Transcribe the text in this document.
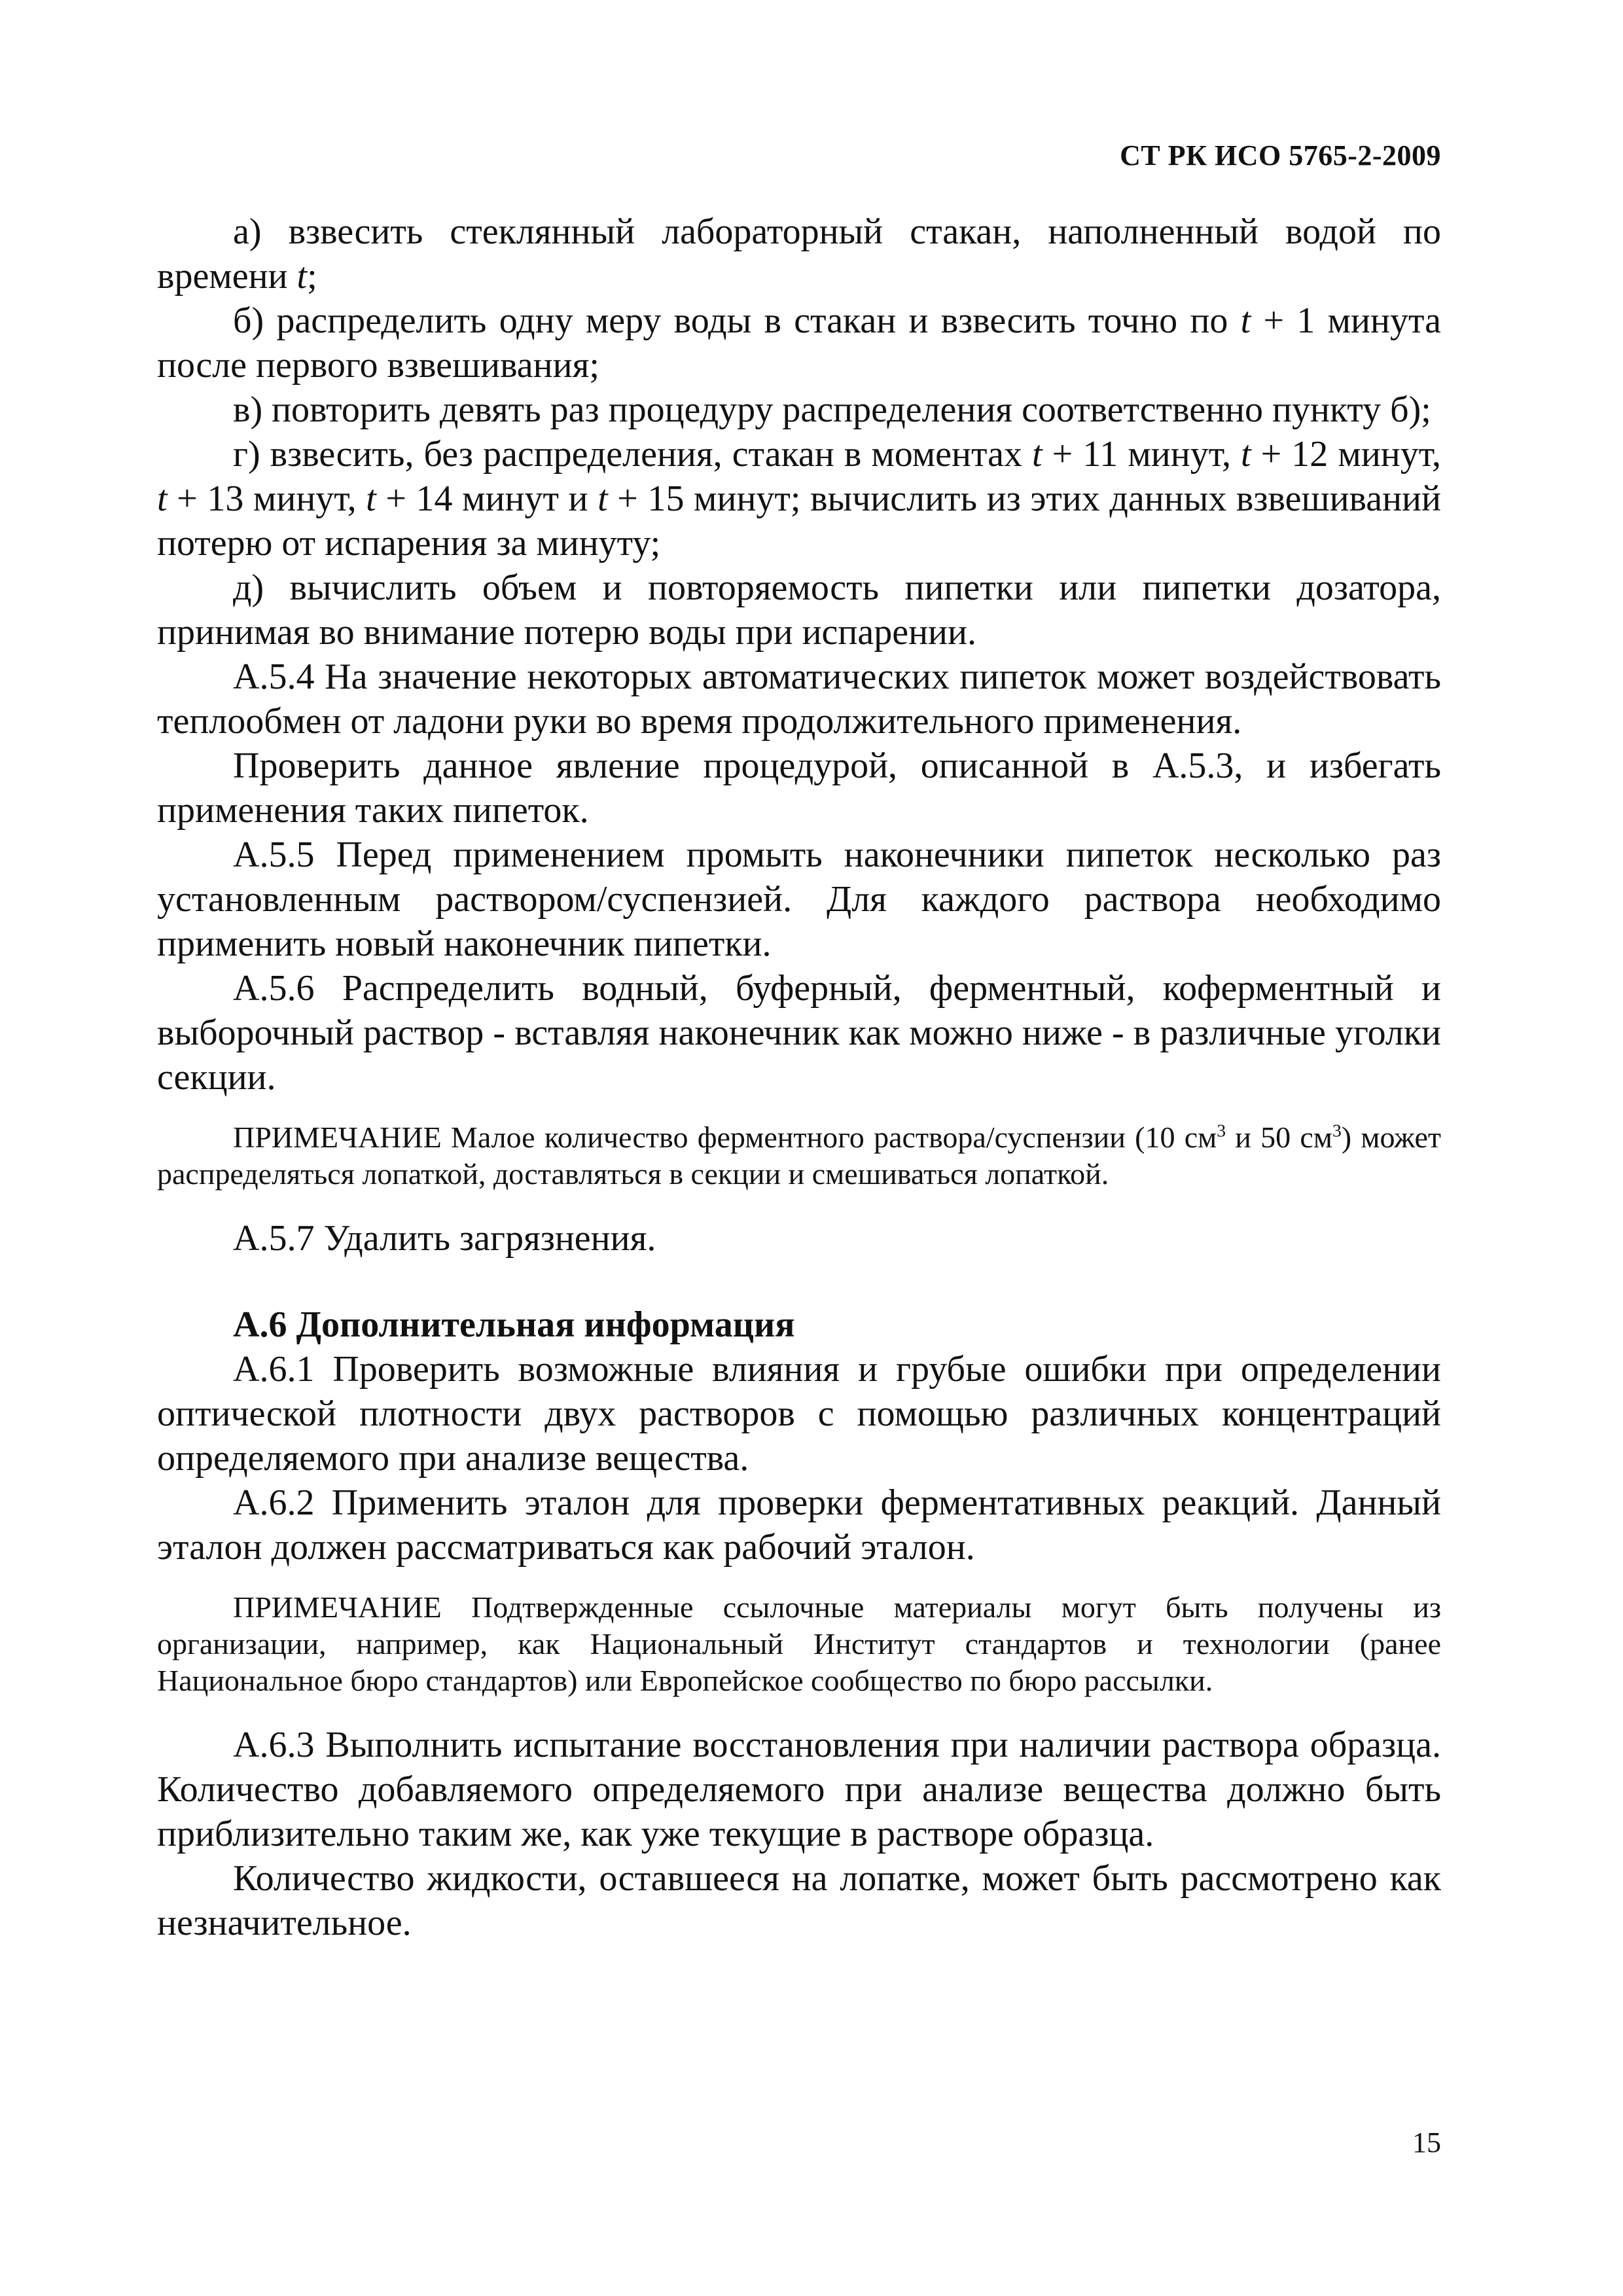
СТ РК ИСО 5765-2-2009

а) взвесить стеклянный лабораторный стакан, наполненный водой по времени t;

б) распределить одну меру воды в стакан и взвесить точно по t + 1 минута после первого взвешивания;

в) повторить девять раз процедуру распределения соответственно пункту б);

г) взвесить, без распределения, стакан в моментах t + 11 минут, t + 12 минут, t + 13 минут, t + 14 минут и t + 15 минут; вычислить из этих данных взвешиваний потерю от испарения за минуту;

д) вычислить объем и повторяемость пипетки или пипетки дозатора, принимая во внимание потерю воды при испарении.

А.5.4 На значение некоторых автоматических пипеток может воздействовать теплообмен от ладони руки во время продолжительного применения.

Проверить данное явление процедурой, описанной в А.5.3, и избегать применения таких пипеток.

А.5.5 Перед применением промыть наконечники пипеток несколько раз установленным раствором/суспензией. Для каждого раствора необходимо применить новый наконечник пипетки.

А.5.6 Распределить водный, буферный, ферментный, коферментный и выборочный раствор - вставляя наконечник как можно ниже - в различные уголки секции.

ПРИМЕЧАНИЕ Малое количество ферментного раствора/суспензии (10 $см^3$ и 50 $см^3$) может распределяться лопаткой, доставляться в секции и смешиваться лопаткой.

А.5.7 Удалить загрязнения.

А.6 Дополнительная информация

А.6.1 Проверить возможные влияния и грубые ошибки при определении оптической плотности двух растворов с помощью различных концентраций определяемого при анализе вещества.

А.6.2 Применить эталон для проверки ферментативных реакций. Данный эталон должен рассматриваться как рабочий эталон.

ПРИМЕЧАНИЕ Подтвержденные ссылочные материалы могут быть получены из организации, например, как Национальный Институт стандартов и технологии (ранее Национальное бюро стандартов) или Европейское сообщество по бюро рассылки.

А.6.3 Выполнить испытание восстановления при наличии раствора образца. Количество добавляемого определяемого при анализе вещества должно быть приблизительно таким же, как уже текущие в растворе образца.

Количество жидкости, оставшееся на лопатке, может быть рассмотрено как незначительное.

15
